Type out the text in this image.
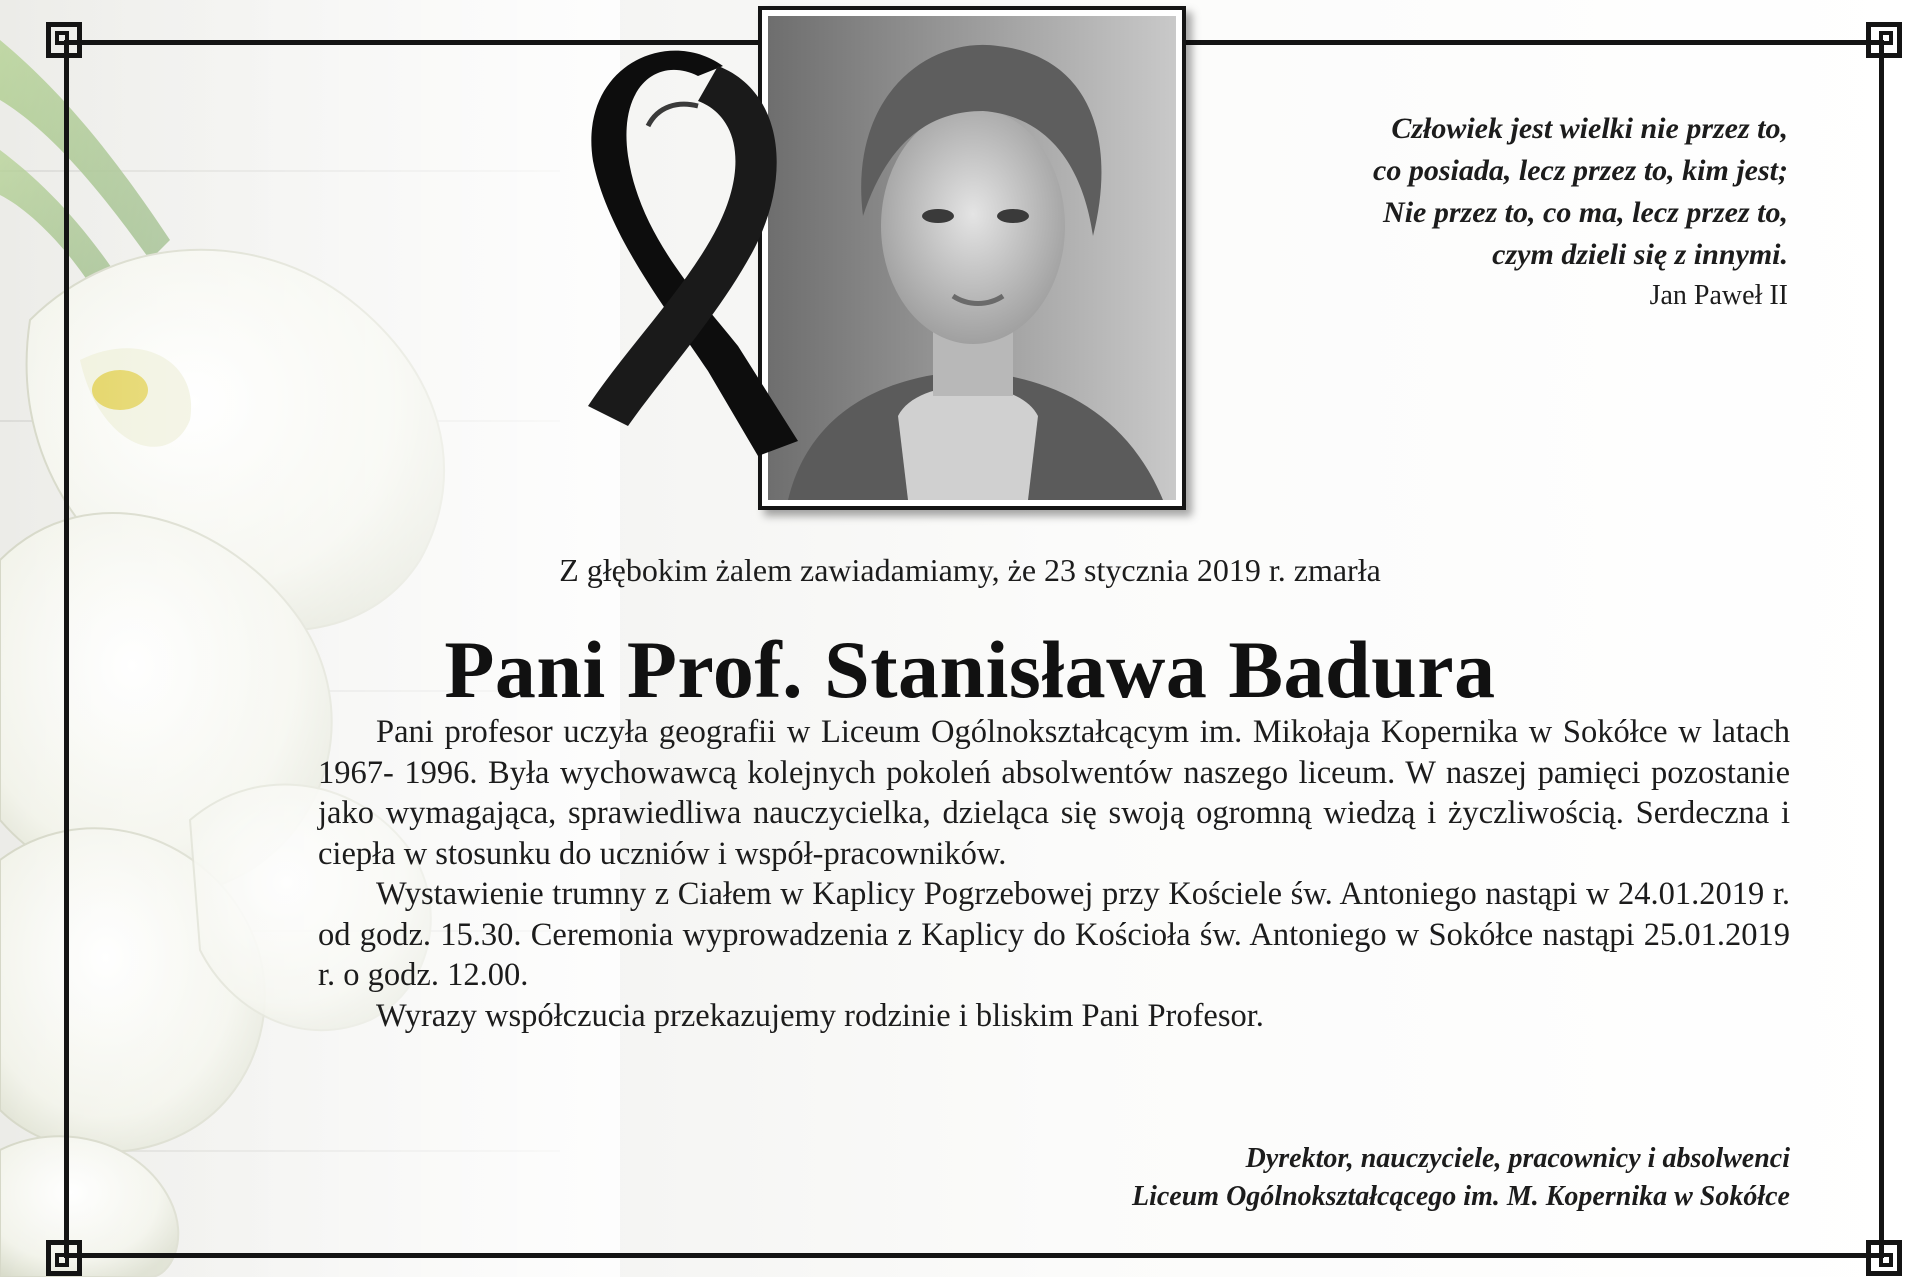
Człowiek jest wielki nie przez to,
co posiada, lecz przez to, kim jest;
Nie przez to, co ma, lecz przez to,
czym dzieli się z innymi.
Jan Paweł II
Z głębokim żalem zawiadamiamy, że 23 stycznia 2019 r. zmarła
Pani Prof. Stanisława Badura

Pani profesor uczyła geografii w Liceum Ogólnokształcącym im. Mikołaja Kopernika w Sokółce w latach 1967- 1996. Była wychowawcą kolejnych pokoleń absolwentów naszego liceum. W naszej pamięci pozostanie jako wymagająca, sprawiedliwa nauczycielka, dzieląca się swoją ogromną wiedzą i życzliwością. Serdeczna i ciepła w stosunku do uczniów i współ-pracowników.

Wystawienie trumny z Ciałem w Kaplicy Pogrzebowej przy Kościele św. Antoniego nastąpi w 24.01.2019 r. od godz. 15.30. Ceremonia wyprowadzenia z Kaplicy do Kościoła św. Antoniego w Sokółce nastąpi 25.01.2019 r. o godz. 12.00.

Wyrazy współczucia przekazujemy rodzinie i bliskim Pani Profesor.

Dyrektor, nauczyciele, pracownicy i absolwenci
Liceum Ogólnokształcącego im. M. Kopernika w Sokółce
